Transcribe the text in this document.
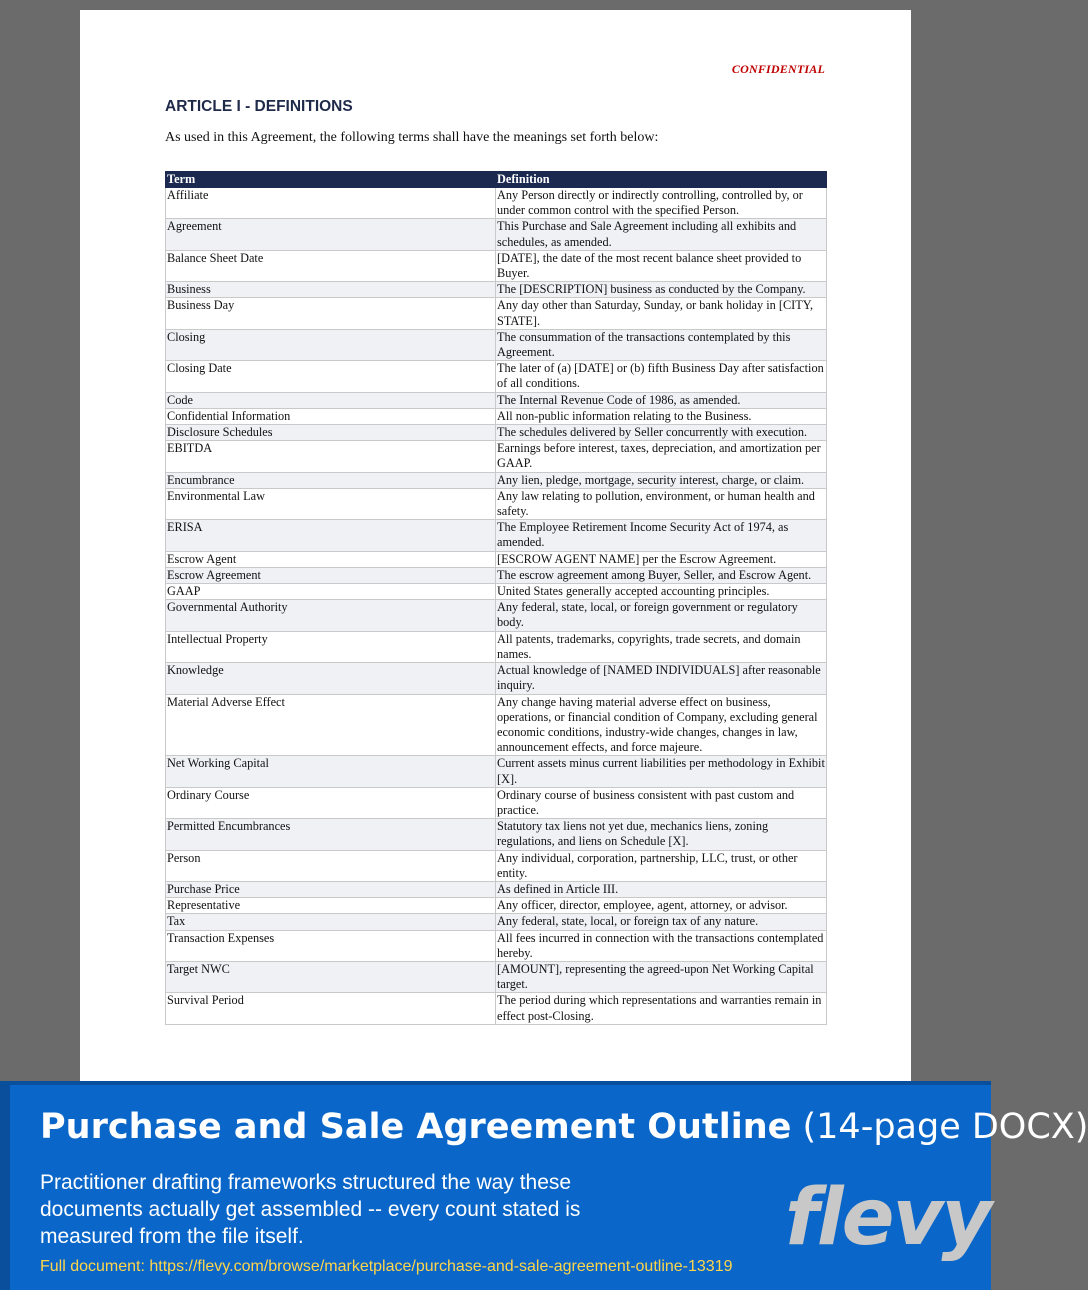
CONFIDENTIAL
ARTICLE I - DEFINITIONS
As used in this Agreement, the following terms shall have the meanings set forth below:
Term	Definition
Affiliate	Any Person directly or indirectly controlling, controlled by, or under common control with the specified Person.
Agreement	This Purchase and Sale Agreement including all exhibits and schedules, as amended.
Balance Sheet Date	[DATE], the date of the most recent balance sheet provided to Buyer.
Business	The [DESCRIPTION] business as conducted by the Company.
Business Day	Any day other than Saturday, Sunday, or bank holiday in [CITY, STATE].
Closing	The consummation of the transactions contemplated by this Agreement.
Closing Date	The later of (a) [DATE] or (b) fifth Business Day after satisfaction of all conditions.
Code	The Internal Revenue Code of 1986, as amended.
Confidential Information	All non-public information relating to the Business.
Disclosure Schedules	The schedules delivered by Seller concurrently with execution.
EBITDA	Earnings before interest, taxes, depreciation, and amortization per GAAP.
Encumbrance	Any lien, pledge, mortgage, security interest, charge, or claim.
Environmental Law	Any law relating to pollution, environment, or human health and safety.
ERISA	The Employee Retirement Income Security Act of 1974, as amended.
Escrow Agent	[ESCROW AGENT NAME] per the Escrow Agreement.
Escrow Agreement	The escrow agreement among Buyer, Seller, and Escrow Agent.
GAAP	United States generally accepted accounting principles.
Governmental Authority	Any federal, state, local, or foreign government or regulatory body.
Intellectual Property	All patents, trademarks, copyrights, trade secrets, and domain names.
Knowledge	Actual knowledge of [NAMED INDIVIDUALS] after reasonable inquiry.
Material Adverse Effect	Any change having material adverse effect on business, operations, or financial condition of Company, excluding general economic conditions, industry-wide changes, changes in law, announcement effects, and force majeure.
Net Working Capital	Current assets minus current liabilities per methodology in Exhibit [X].
Ordinary Course	Ordinary course of business consistent with past custom and practice.
Permitted Encumbrances	Statutory tax liens not yet due, mechanics liens, zoning regulations, and liens on Schedule [X].
Person	Any individual, corporation, partnership, LLC, trust, or other entity.
Purchase Price	As defined in Article III.
Representative	Any officer, director, employee, agent, attorney, or advisor.
Tax	Any federal, state, local, or foreign tax of any nature.
Transaction Expenses	All fees incurred in connection with the transactions contemplated hereby.
Target NWC	[AMOUNT], representing the agreed-upon Net Working Capital target.
Survival Period	The period during which representations and warranties remain in effect post-Closing.
Purchase and Sale Agreement Outline (14-page DOCX)
Practitioner drafting frameworks structured the way these documents actually get assembled -- every count stated is measured from the file itself.
Full document: https://flevy.com/browse/marketplace/purchase-and-sale-agreement-outline-13319
flevy
